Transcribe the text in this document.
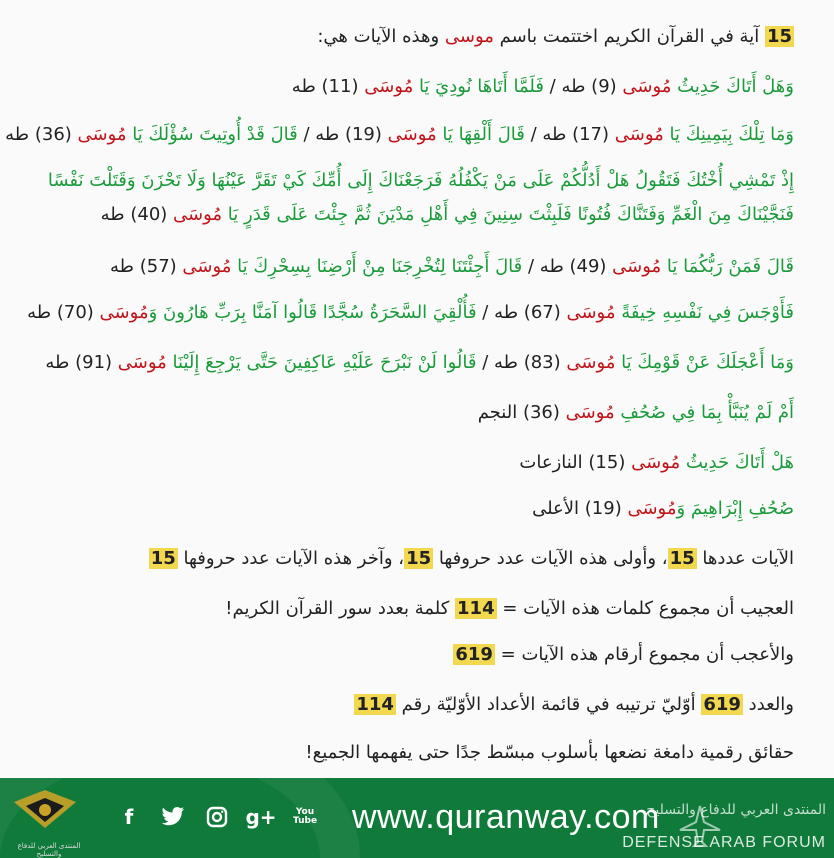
15 آية في القرآن الكريم اختتمت باسم موسى وهذه الآيات هي:
وَهَلْ أَتَاكَ حَدِيثُ مُوسَى (9) طه / فَلَمَّا أَتَاهَا نُودِيَ يَا مُوسَى (11) طه
وَمَا تِلْكَ بِيَمِينِكَ يَا مُوسَى (17) طه / قَالَ أَلْقِهَا يَا مُوسَى (19) طه / قَالَ قَدْ أُوتِيتَ سُؤْلَكَ يَا مُوسَى (36) طه
إِذْ تَمْشِي أُخْتُكَ فَتَقُولُ هَلْ أَدُلُّكُمْ عَلَى مَنْ يَكْفُلُهُ فَرَجَعْنَاكَ إِلَى أُمِّكَ كَيْ تَقَرَّ عَيْنُهَا وَلَا تَحْزَنَ وَقَتَلْتَ نَفْسًا فَنَجَّيْنَاكَ مِنَ الْغَمِّ وَفَتَنَّاكَ فُتُونًا فَلَبِثْتَ سِنِينَ فِي أَهْلِ مَدْيَنَ ثُمَّ جِئْتَ عَلَى قَدَرٍ يَا مُوسَى (40) طه
قَالَ فَمَنْ رَبُّكُمَا يَا مُوسَى (49) طه / قَالَ أَجِئْتَنَا لِتُخْرِجَنَا مِنْ أَرْضِنَا بِسِحْرِكَ يَا مُوسَى (57) طه
فَأَوْجَسَ فِي نَفْسِهِ خِيفَةً مُوسَى (67) طه / فَأُلْقِيَ السَّحَرَةُ سُجَّدًا قَالُوا آمَنَّا بِرَبِّ هَارُونَ وَمُوسَى (70) طه
وَمَا أَعْجَلَكَ عَنْ قَوْمِكَ يَا مُوسَى (83) طه / قَالُوا لَنْ نَبْرَحَ عَلَيْهِ عَاكِفِينَ حَتَّى يَرْجِعَ إِلَيْنَا مُوسَى (91) طه
أَمْ لَمْ يُنَبَّأْ بِمَا فِي صُحُفِ مُوسَى (36) النجم
هَلْ أَتَاكَ حَدِيثُ مُوسَى (15) النازعات
صُحُفِ إِبْرَاهِيمَ وَمُوسَى (19) الأعلى
الآيات عددها 15، وأولى هذه الآيات عدد حروفها 15، وآخر هذه الآيات عدد حروفها 15
العجيب أن مجموع كلمات هذه الآيات = 114 كلمة بعدد سور القرآن الكريم!
والأعجب أن مجموع أرقام هذه الآيات = 619
والعدد 619 أوّليّ ترتيبه في قائمة الأعداد الأوّليّة رقم 114
حقائق رقمية دامغة نضعها بأسلوب مبسّط جدًا حتى يفهمها الجميع!
المنتدى العربي للدفاع والتسليح
f	g+	You Tube www.quranway.com
المنتدى العربي للدفاع والتسليح
DEFENSE ARAB FORUM
